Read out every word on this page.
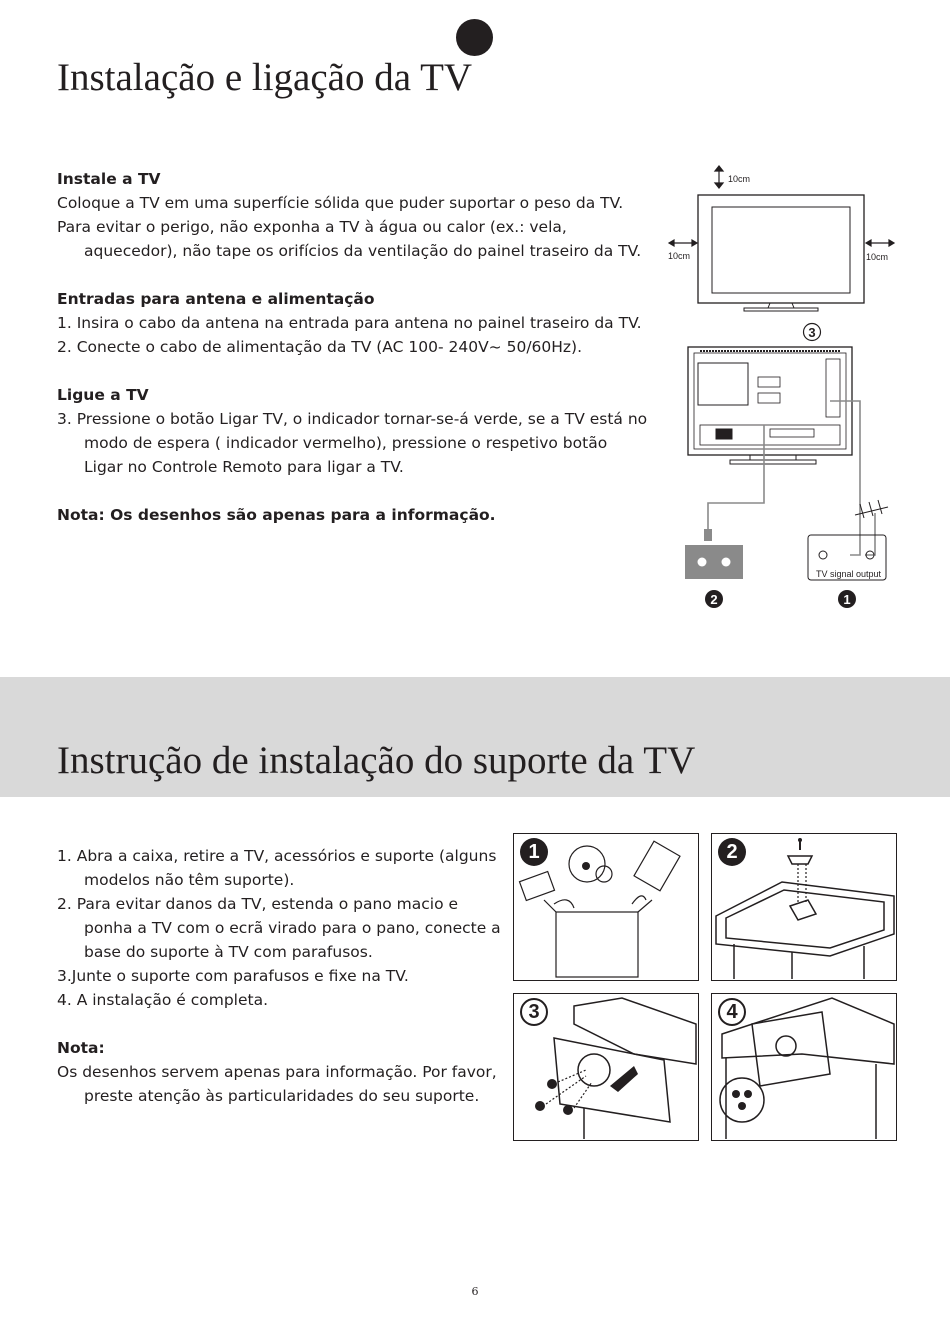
Instalação e ligação da TV

Instale a TV

Coloque a TV em uma superfície sólida que puder suportar o peso da TV.

Para evitar o perigo, não exponha a TV à água ou calor (ex.: vela, aquecedor), não tape os orifícios da ventilação do painel traseiro da TV.

Entradas para antena e alimentação

1. Insira o cabo da antena na entrada para antena no painel traseiro da TV.

2. Conecte o cabo de alimentação da TV (AC 100- 240V~ 50/60Hz).

Ligue a TV

3. Pressione o botão Ligar TV, o indicador tornar-se-á verde, se a TV está no modo de espera ( indicador vermelho), pressione o respetivo botão Ligar no Controle Remoto para ligar a TV.

Nota: Os desenhos são apenas para a informação.

10cm
10cm	10cm
3
TV signal output
2	1
Instrução de instalação do suporte da TV

1. Abra a caixa, retire a TV, acessórios e suporte (alguns modelos não têm suporte).

2. Para evitar danos da TV, estenda o pano macio e ponha a TV com o ecrã virado para o pano, conecte a base do suporte à TV com parafusos.

3.Junte o suporte com parafusos e fixe na TV.

4. A instalação é completa.

Nota:

Os desenhos servem apenas para informação. Por favor, preste atenção às particularidades do seu suporte.

1	2
3	4
6
